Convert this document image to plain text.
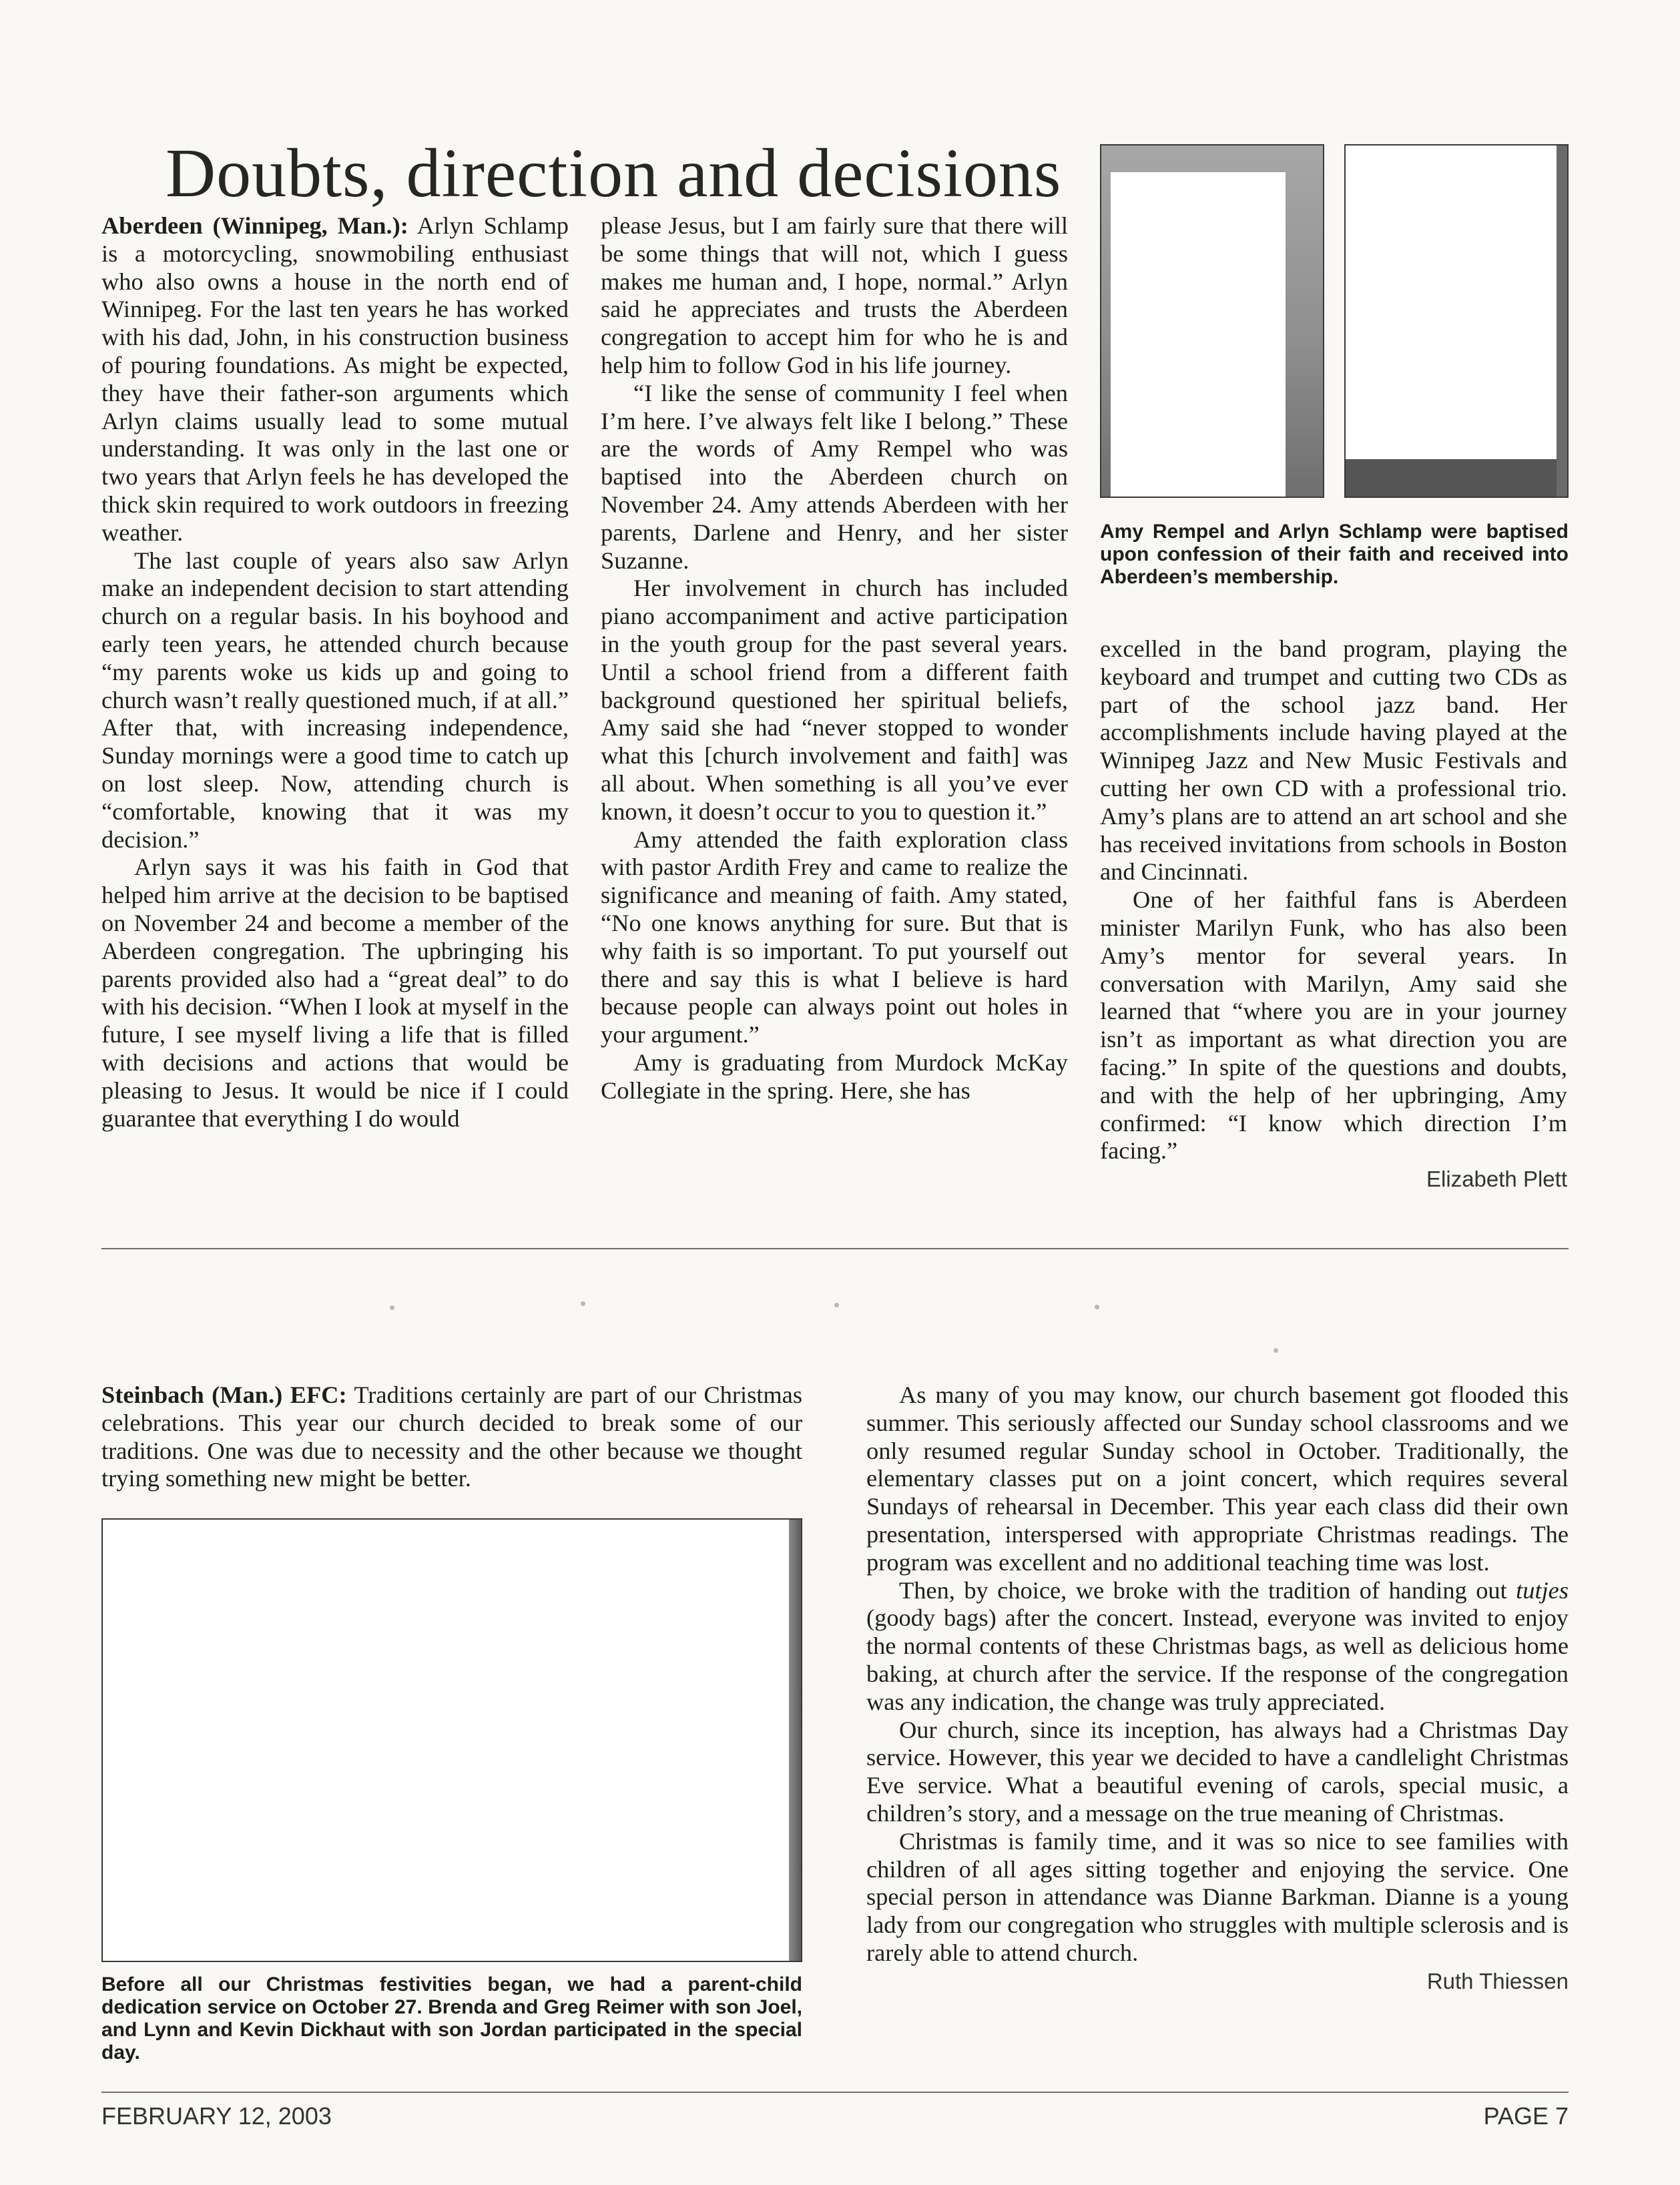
Doubts, direction and decisions

Aberdeen (Winnipeg, Man.): Arlyn Schlamp is a motorcycling, snowmobiling enthusiast who also owns a house in the north end of Winnipeg. For the last ten years he has worked with his dad, John, in his construction business of pouring foundations. As might be expected, they have their father-son arguments which Arlyn claims usually lead to some mutual understanding. It was only in the last one or two years that Arlyn feels he has developed the thick skin required to work outdoors in freezing weather.

The last couple of years also saw Arlyn make an independent decision to start attending church on a regular basis. In his boyhood and early teen years, he attended church because “my parents woke us kids up and going to church wasn’t really questioned much, if at all.” After that, with increasing independence, Sunday mornings were a good time to catch up on lost sleep. Now, attending church is “comfortable, knowing that it was my decision.”

Arlyn says it was his faith in God that helped him arrive at the decision to be baptised on November 24 and become a member of the Aberdeen congregation. The upbringing his parents provided also had a “great deal” to do with his decision. “When I look at myself in the future, I see myself living a life that is filled with decisions and actions that would be pleasing to Jesus. It would be nice if I could guarantee that everything I do would

please Jesus, but I am fairly sure that there will be some things that will not, which I guess makes me human and, I hope, normal.” Arlyn said he appreciates and trusts the Aberdeen congregation to accept him for who he is and help him to follow God in his life journey.

“I like the sense of community I feel when I’m here. I’ve always felt like I belong.” These are the words of Amy Rempel who was baptised into the Aberdeen church on November 24. Amy attends Aberdeen with her parents, Darlene and Henry, and her sister Suzanne.

Her involvement in church has included piano accompaniment and active participation in the youth group for the past several years. Until a school friend from a different faith background questioned her spiritual beliefs, Amy said she had “never stopped to wonder what this [church involvement and faith] was all about. When something is all you’ve ever known, it doesn’t occur to you to question it.”

Amy attended the faith exploration class with pastor Ardith Frey and came to realize the significance and meaning of faith. Amy stated, “No one knows anything for sure. But that is why faith is so important. To put yourself out there and say this is what I believe is hard because people can always point out holes in your argument.”

Amy is graduating from Murdock McKay Collegiate in the spring. Here, she has

Amy Rempel and Arlyn Schlamp were baptised upon confession of their faith and received into Aberdeen’s membership.

excelled in the band program, playing the keyboard and trumpet and cutting two CDs as part of the school jazz band. Her accomplishments include having played at the Winnipeg Jazz and New Music Festivals and cutting her own CD with a professional trio. Amy’s plans are to attend an art school and she has received invitations from schools in Boston and Cincinnati.

One of her faithful fans is Aberdeen minister Marilyn Funk, who has also been Amy’s mentor for several years. In conversation with Marilyn, Amy said she learned that “where you are in your journey isn’t as important as what direction you are facing.” In spite of the questions and doubts, and with the help of her upbringing, Amy confirmed: “I know which direction I’m facing.”

Elizabeth Plett

Steinbach (Man.) EFC: Traditions certainly are part of our Christmas celebrations. This year our church decided to break some of our traditions. One was due to necessity and the other because we thought trying something new might be better.

Before all our Christmas festivities began, we had a parent-child dedication service on October 27. Brenda and Greg Reimer with son Joel, and Lynn and Kevin Dickhaut with son Jordan participated in the special day.

As many of you may know, our church basement got flooded this summer. This seriously affected our Sunday school classrooms and we only resumed regular Sunday school in October. Traditionally, the elementary classes put on a joint concert, which requires several Sundays of rehearsal in December. This year each class did their own presentation, interspersed with appropriate Christmas readings. The program was excellent and no additional teaching time was lost.

Then, by choice, we broke with the tradition of handing out tutjes (goody bags) after the concert. Instead, everyone was invited to enjoy the normal contents of these Christmas bags, as well as delicious home baking, at church after the service. If the response of the congregation was any indication, the change was truly appreciated.

Our church, since its inception, has always had a Christmas Day service. However, this year we decided to have a candlelight Christmas Eve service. What a beautiful evening of carols, special music, a children’s story, and a message on the true meaning of Christmas.

Christmas is family time, and it was so nice to see families with children of all ages sitting together and enjoying the service. One special person in attendance was Dianne Barkman. Dianne is a young lady from our congregation who struggles with multiple sclerosis and is rarely able to attend church.

Ruth Thiessen

FEBRUARY 12, 2003	PAGE 7
